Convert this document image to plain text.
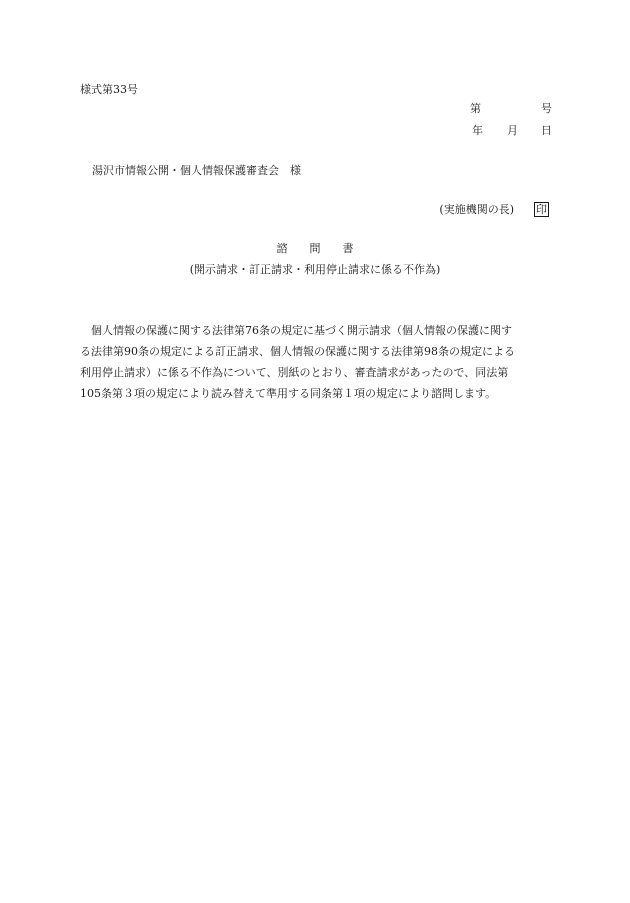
様式第33号
第	号
年 月 日
湯沢市情報公開・個人情報保護審査会　様
(実施機関の長) 印
諮 問 書
(開示請求・訂正請求・利用停止請求に係る不作為)
　個人情報の保護に関する法律第76条の規定に基づく開示請求（個人情報の保護に関す
る法律第90条の規定による訂正請求、個人情報の保護に関する法律第98条の規定による
利用停止請求）に係る不作為について、別紙のとおり、審査請求があったので、同法第
105条第３項の規定により読み替えて準用する同条第１項の規定により諮問します。
